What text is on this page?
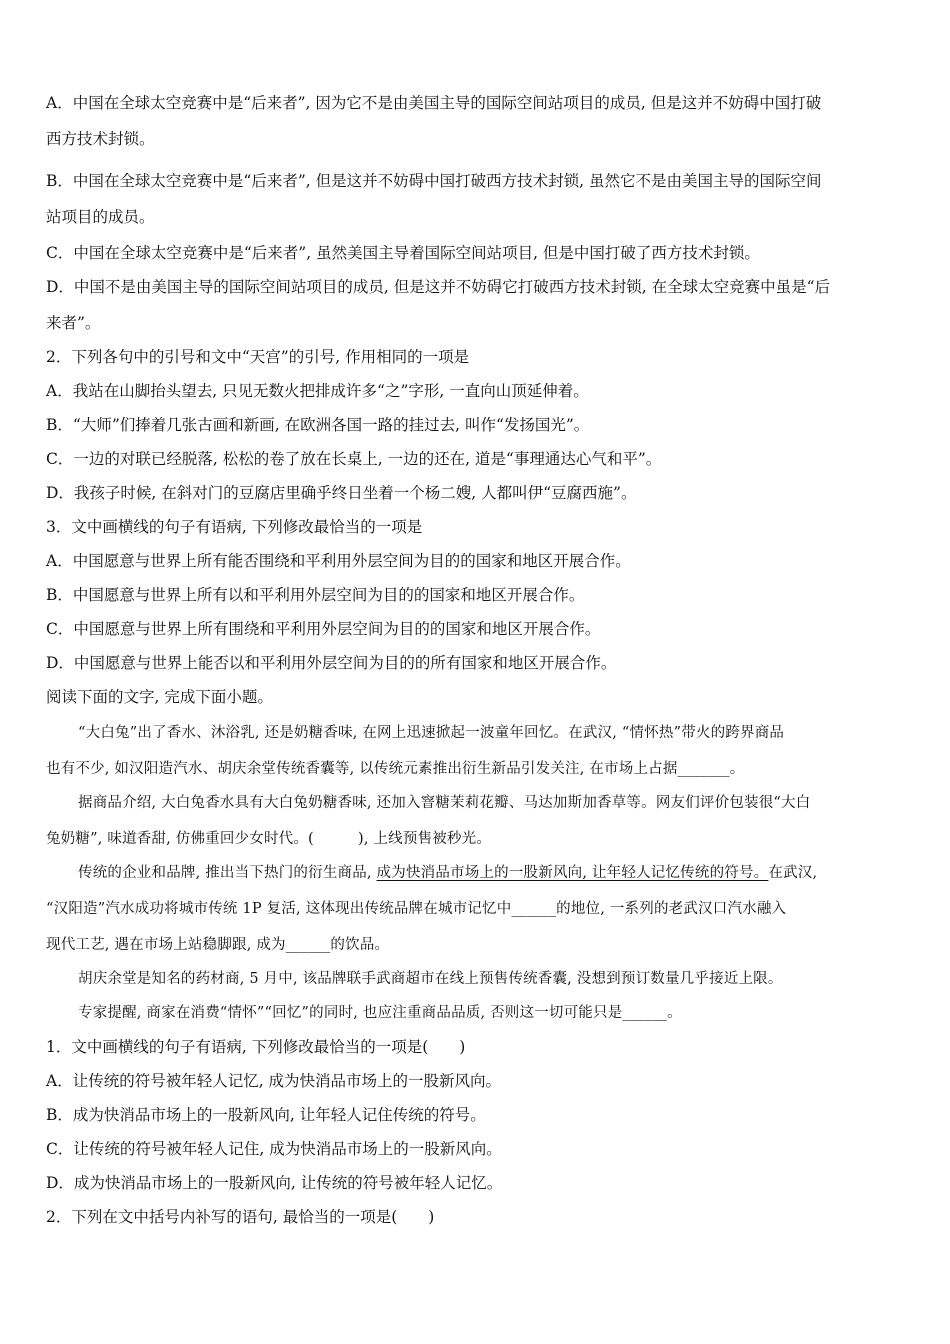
A．中国在全球太空竞赛中是“后来者”, 因为它不是由美国主导的国际空间站项目的成员, 但是这并不妨碍中国打破
西方技术封锁。
B．中国在全球太空竞赛中是“后来者”, 但是这并不妨碍中国打破西方技术封锁, 虽然它不是由美国主导的国际空间
站项目的成员。
C．中国在全球太空竞赛中是“后来者”, 虽然美国主导着国际空间站项目, 但是中国打破了西方技术封锁。
D．中国不是由美国主导的国际空间站项目的成员, 但是这并不妨碍它打破西方技术封锁, 在全球太空竞赛中虽是“后
来者”。
2．下列各句中的引号和文中“天宫”的引号, 作用相同的一项是
A．我站在山脚抬头望去, 只见无数火把排成许多“之”字形, 一直向山顶延伸着。
B．“大师”们捧着几张古画和新画, 在欧洲各国一路的挂过去, 叫作“发扬国光”。
C．一边的对联已经脱落, 松松的卷了放在长桌上, 一边的还在, 道是“事理通达心气和平”。
D．我孩子时候, 在斜对门的豆腐店里确乎终日坐着一个杨二嫂, 人都叫伊“豆腐西施”。
3．文中画横线的句子有语病, 下列修改最恰当的一项是
A．中国愿意与世界上所有能否围绕和平利用外层空间为目的的国家和地区开展合作。
B．中国愿意与世界上所有以和平利用外层空间为目的的国家和地区开展合作。
C．中国愿意与世界上所有围绕和平利用外层空间为目的的国家和地区开展合作。
D．中国愿意与世界上能否以和平利用外层空间为目的的所有国家和地区开展合作。
阅读下面的文字, 完成下面小题。
“大白兔”出了香水、沐浴乳, 还是奶糖香味, 在网上迅速掀起一波童年回忆。在武汉, “情怀热”带火的跨界商品
也有不少, 如汉阳造汽水、胡庆余堂传统香囊等, 以传统元素推出衍生新品引发关注, 在市场上占据_______。
据商品介绍, 大白兔香水具有大白兔奶糖香味, 还加入窨糖茉莉花瓣、马达加斯加香草等。网友们评价包装很“大白
兔奶糖”, 味道香甜, 仿佛重回少女时代。(　　　), 上线预售被秒光。
传统的企业和品牌, 推出当下热门的衍生商品, 成为快消品市场上的一股新风向, 让年轻人记忆传统的符号。在武汉,
“汉阳造”汽水成功将城市传统 1P 复活, 这体现出传统品牌在城市记忆中______的地位, 一系列的老武汉口汽水融入
现代工艺, 遇在市场上站稳脚跟, 成为______的饮品。
胡庆余堂是知名的药材商, 5 月中, 该品牌联手武商超市在线上预售传统香囊, 没想到预订数量几乎接近上限。
专家提醒, 商家在消费“情怀”“回忆”的同时, 也应注重商品品质, 否则这一切可能只是______。
1．文中画横线的句子有语病, 下列修改最恰当的一项是(　　)
A．让传统的符号被年轻人记忆, 成为快消品市场上的一股新风向。
B．成为快消品市场上的一股新风向, 让年轻人记住传统的符号。
C．让传统的符号被年轻人记住, 成为快消品市场上的一股新风向。
D．成为快消品市场上的一股新风向, 让传统的符号被年轻人记忆。
2．下列在文中括号内补写的语句, 最恰当的一项是(　　)
